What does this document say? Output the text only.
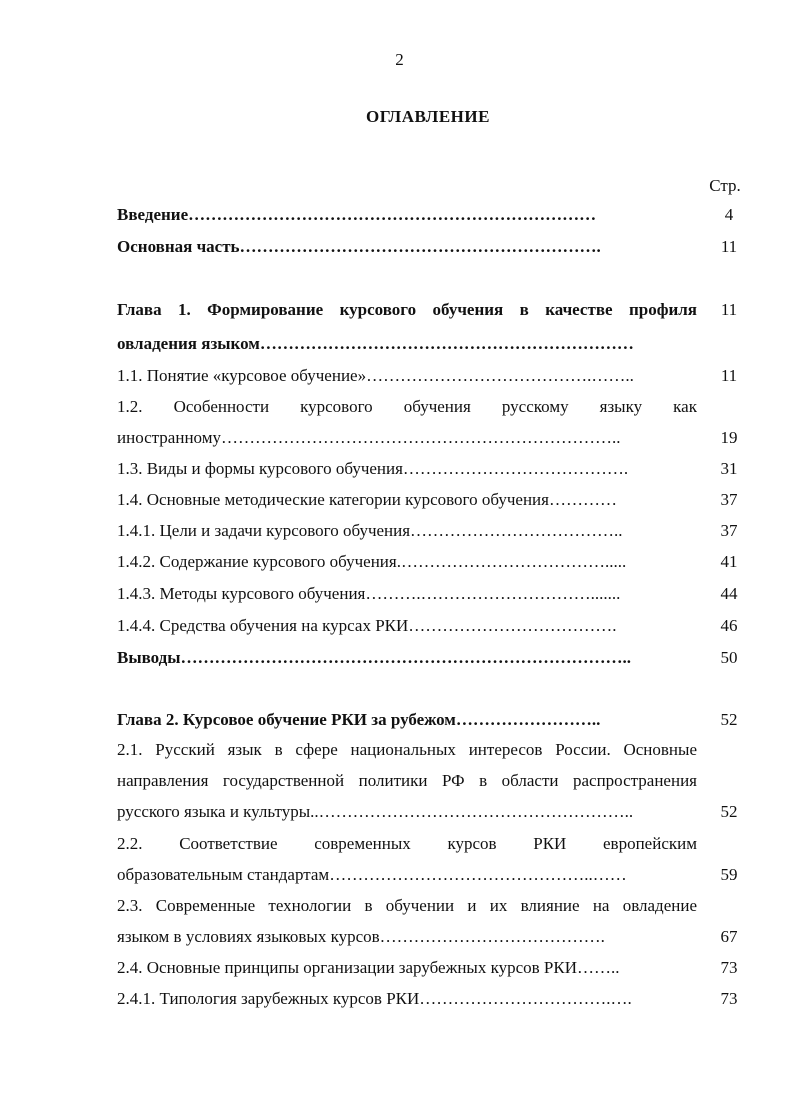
2
ОГЛАВЛЕНИЕ
Стр.
Введение………………………………………………………………	4
Основная часть……………………………………………………….	11
Глава 1. Формирование курсового обучения в качестве профиля	11
овладения языком…………………………………………………………
1.1. Понятие «курсовое обучение»………………………………….……..	11
1.2. Особенности курсового обучения русскому языку как
иностранному……………………………………………………………..	19
1.3. Виды и формы курсового обучения………………………………….	31
1.4. Основные методические категории курсового обучения…………	37
1.4.1. Цели и задачи курсового обучения………………………………..	37
1.4.2. Содержание курсового обучения.……………………………….....	41
1.4.3. Методы курсового обучения……….………………………….......	44
1.4.4. Средства обучения на курсах РКИ……………………………….	46
Выводы……………………………………………………………………..	50
Глава 2. Курсовое обучение РКИ за рубежом……………………..	52
2.1. Русский язык в сфере национальных интересов России. Основные
направления государственной политики РФ в области распространения
русского языка и культуры..………………………………………………..	52
2.2. Соответствие современных курсов РКИ европейским
образовательным стандартам………………………………………..……	59
2.3. Современные технологии в обучении и их влияние на овладение
языком в условиях языковых курсов………………………………….	67
2.4. Основные принципы организации зарубежных курсов РКИ……..	73
2.4.1. Типология зарубежных курсов РКИ…………………………….….	73
